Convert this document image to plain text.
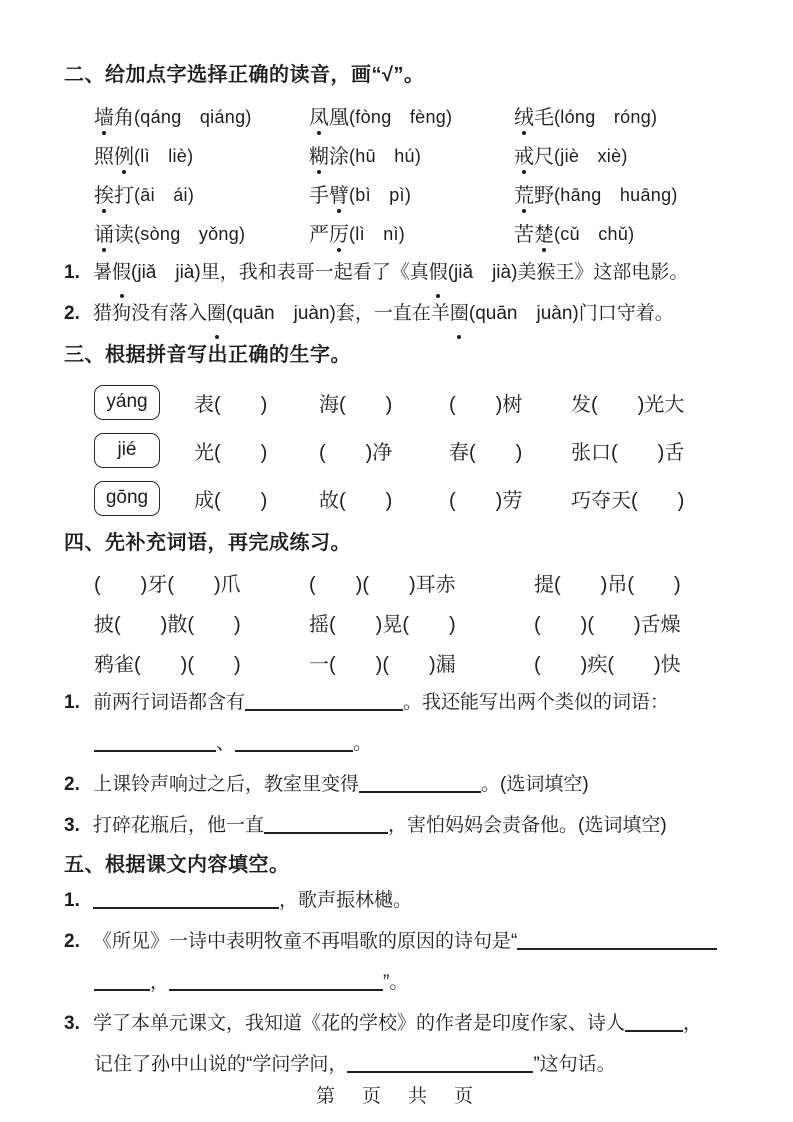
二、给加点字选择正确的读音，画“√”。
墙 角 (qáng　qiáng)	凤 凰 (fòng　fèng)	绒 毛 (lóng　róng)
照 例 (lì　liè)	糊 涂 (hū　hú)	戒 尺 (jiè　xiè)
挨 打 (āi　ái)	手 臂 (bì　pì)	荒 野 (hāng　huāng)
诵 读 (sòng　yǒng)	严 厉 (lì　nì)	苦 楚 (cǔ　chǔ)
1. 暑假(jiǎ　jià)里，我和表哥一起看了《真假(jiǎ　jià)美猴王》这部电影。
2. 猎狗没有落入圈(quān　juàn)套，一直在羊圈(quān　juàn)门口守着。
三、根据拼音写出正确的生字。
yáng	表(　　)	海(　　)	(　　)树	发(　　)光大
jié	光(　　)	(　　)净	春(　　)	张口(　　)舌
gōng	成(　　)	故(　　)	(　　)劳	巧夺天(　　)
四、先补充词语，再完成练习。
(　　)牙(　　)爪	(　　)(　　)耳赤	提(　　)吊(　　)
披(　　)散(　　)	摇(　　)晃(　　)	(　　)(　　)舌燥
鸦雀(　　)(　　)	一(　　)(　　)漏	(　　)疾(　　)快
1. 前两行词语都含有	。我还能写出两个类似的词语：
、	。
2. 上课铃声响过之后，教室里变得	。(选词填空)
3. 打碎花瓶后，他一直	，害怕妈妈会责备他。(选词填空)
五、根据课文内容填空。
1.	，歌声振林樾。
2. 《所见》一诗中表明牧童不再唱歌的原因的诗句是“
，	”。
3. 学了本单元课文，我知道《花的学校》的作者是印度作家、诗人	，
记住了孙中山说的“学问学问，	”这句话。
第　页　共　页
